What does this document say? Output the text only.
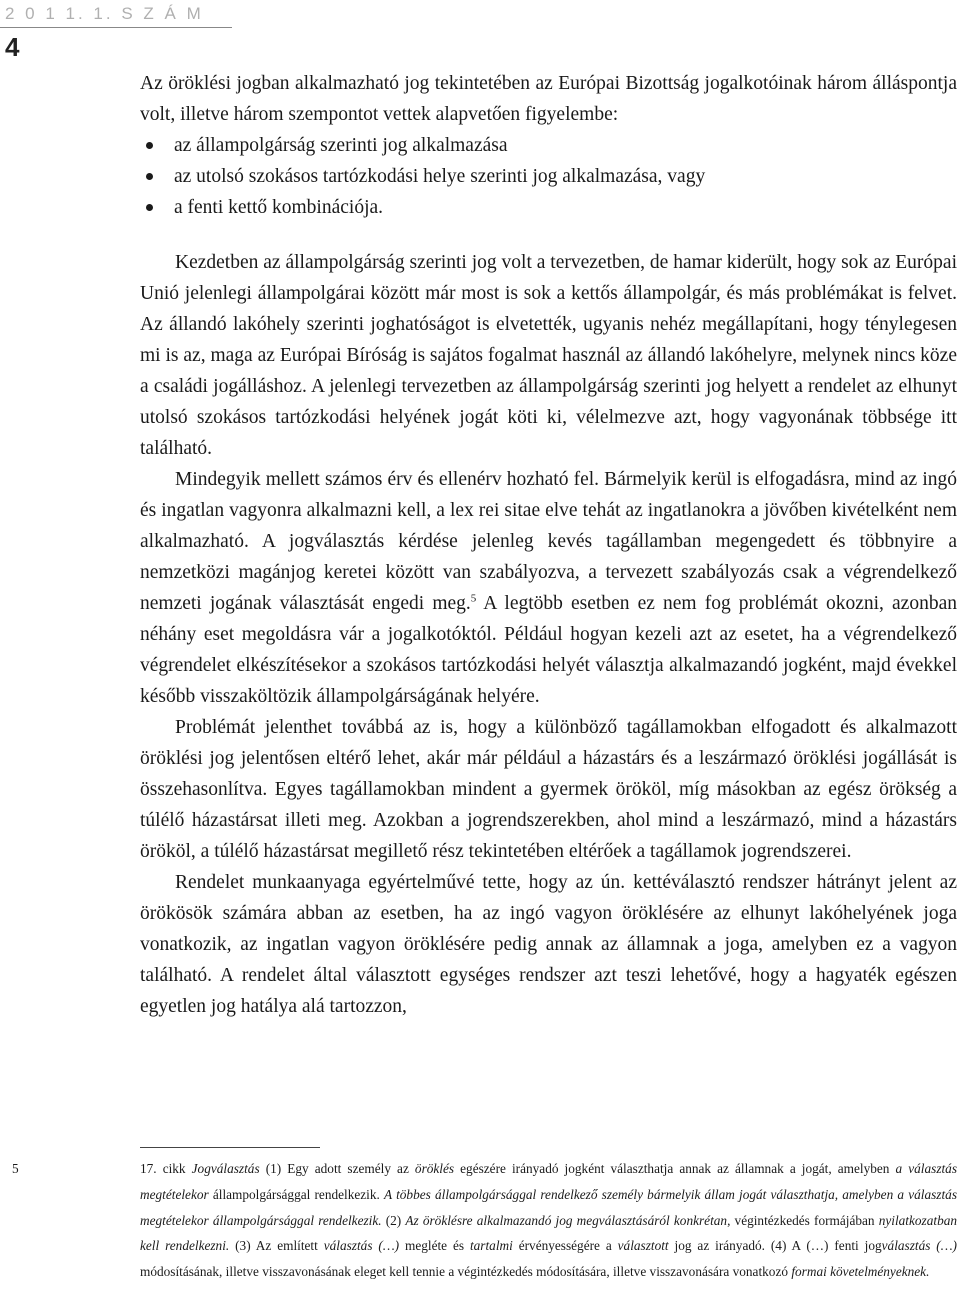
2 0 1 1. 1. S Z Á M
4

Az öröklési jogban alkalmazható jog tekintetében az Európai Bizottság jogalkotóinak három álláspontja volt, illetve három szempontot vettek alapvetően figyelembe:

az állampolgárság szerinti jog alkalmazása
az utolsó szokásos tartózkodási helye szerinti jog alkalmazása, vagy
a fenti kettő kombinációja.

Kezdetben az állampolgárság szerinti jog volt a tervezetben, de hamar kiderült, hogy sok az Európai Unió jelenlegi állampolgárai között már most is sok a kettős állampolgár, és más problémákat is felvet. Az állandó lakóhely szerinti joghatóságot is elvetették, ugyanis nehéz megállapítani, hogy ténylegesen mi is az, maga az Európai Bíróság is sajátos fogalmat használ az állandó lakóhelyre, melynek nincs köze a családi jogálláshoz. A jelenlegi tervezetben az állampolgárság szerinti jog helyett a rendelet az elhunyt utolsó szokásos tartózkodási helyének jogát köti ki, vélelmezve azt, hogy vagyonának többsége itt található.

Mindegyik mellett számos érv és ellenérv hozható fel. Bármelyik kerül is elfogadásra, mind az ingó és ingatlan vagyonra alkalmazni kell, a lex rei sitae elve tehát az ingatlanokra a jövőben kivételként nem alkalmazható. A jogválasztás kérdése jelenleg kevés tagállamban megengedett és többnyire a nemzetközi magánjog keretei között van szabályozva, a tervezett szabályozás csak a végrendelkező nemzeti jogának választását engedi meg.$^5$ A legtöbb esetben ez nem fog problémát okozni, azonban néhány eset megoldásra vár a jogalkotóktól. Például hogyan kezeli azt az esetet, ha a végrendelkező végrendelet elkészítésekor a szokásos tartózkodási helyét választja alkalmazandó jogként, majd évekkel később visszaköltözik állampolgárságának helyére.

Problémát jelenthet továbbá az is, hogy a különböző tagállamokban elfogadott és alkalmazott öröklési jog jelentősen eltérő lehet, akár már például a házastárs és a leszármazó öröklési jogállását is összehasonlítva. Egyes tagállamokban mindent a gyermek örököl, míg másokban az egész örökség a túlélő házastársat illeti meg. Azokban a jogrendszerekben, ahol mind a leszármazó, mind a házastárs örököl, a túlélő házastársat megillető rész tekintetében eltérőek a tagállamok jogrendszerei.

Rendelet munkaanyaga egyértelművé tette, hogy az ún. kettéválasztó rendszer hátrányt jelent az örökösök számára abban az esetben, ha az ingó vagyon öröklésére az elhunyt lakóhelyének joga vonatkozik, az ingatlan vagyon öröklésére pedig annak az államnak a joga, amelyben ez a vagyon található. A rendelet által választott egységes rendszer azt teszi lehetővé, hogy a hagyaték egészen egyetlen jog hatálya alá tartozzon,

5	17. cikk Jogválasztás (1) Egy adott személy az öröklés egészére irányadó jogként választhatja annak az államnak a jogát, amelyben a választás megtételekor állampolgársággal rendelkezik. A többes állampolgársággal rendelkező személy bármelyik állam jogát választhatja, amelyben a választás megtételekor állampolgársággal rendelkezik. (2) Az öröklésre alkalmazandó jog megválasztásáról konkrétan, végintézkedés formájában nyilatkozatban kell rendelkezni. (3) Az említett választás (…) megléte és tartalmi érvényességére a választott jog az irányadó. (4) A (…) fenti jogválasztás (…) módosításának, illetve visszavonásának eleget kell tennie a végintézkedés módosítására, illetve visszavonására vonatkozó formai követelményeknek.
